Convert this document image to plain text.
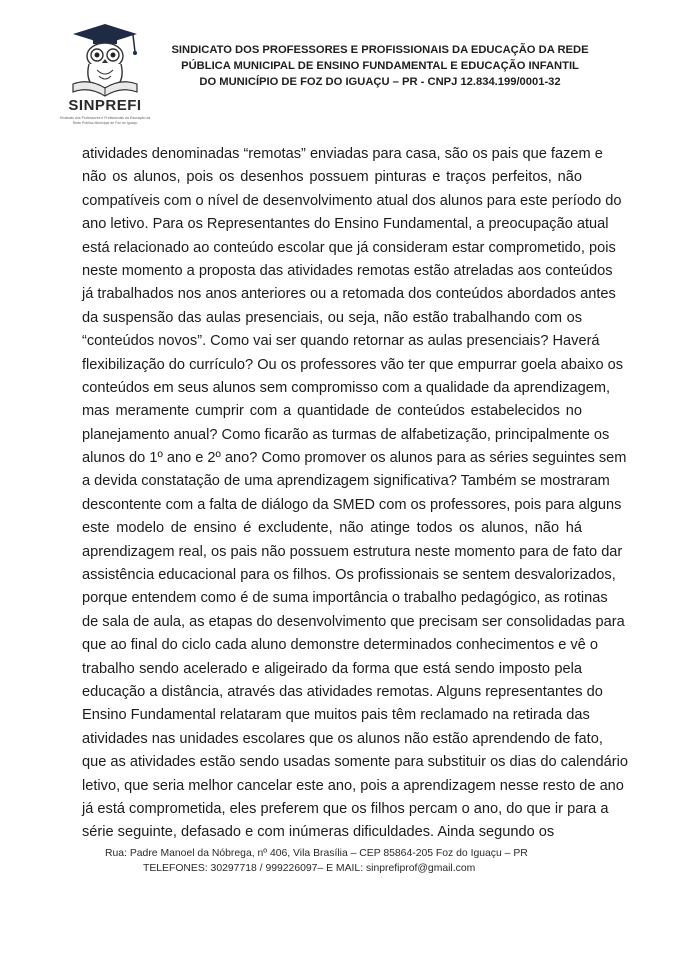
SINPREFI
Sindicato dos Professores e Profissionais da Educação da Rede Pública Municipal de Foz do Iguaçu
SINDICATO DOS PROFESSORES E PROFISSIONAIS DA EDUCAÇÃO DA REDE
PÚBLICA MUNICIPAL DE ENSINO FUNDAMENTAL E EDUCAÇÃO INFANTIL
DO MUNICÍPIO DE FOZ DO IGUAÇU – PR - CNPJ 12.834.199/0001-32
atividades denominadas “remotas” enviadas para casa, são os pais que fazem e
não os alunos, pois os desenhos possuem pinturas e traços perfeitos, não
compatíveis com o nível de desenvolvimento atual dos alunos para este período do
ano letivo. Para os Representantes do Ensino Fundamental, a preocupação atual
está relacionado ao conteúdo escolar que já consideram estar comprometido, pois
neste momento a proposta das atividades remotas estão atreladas aos conteúdos
já trabalhados nos anos anteriores ou a retomada dos conteúdos abordados antes
da suspensão das aulas presenciais, ou seja, não estão trabalhando com os
“conteúdos novos”. Como vai ser quando retornar as aulas presenciais? Haverá
flexibilização do currículo? Ou os professores vão ter que empurrar goela abaixo os
conteúdos em seus alunos sem compromisso com a qualidade da aprendizagem,
mas meramente cumprir com a quantidade de conteúdos estabelecidos no
planejamento anual? Como ficarão as turmas de alfabetização, principalmente os
alunos do 1º ano e 2º ano? Como promover os alunos para as séries seguintes sem
a devida constatação de uma aprendizagem significativa? Também se mostraram
descontente com a falta de diálogo da SMED com os professores, pois para alguns
este modelo de ensino é excludente, não atinge todos os alunos, não há
aprendizagem real, os pais não possuem estrutura neste momento para de fato dar
assistência educacional para os filhos. Os profissionais se sentem desvalorizados,
porque entendem como é de suma importância o trabalho pedagógico, as rotinas
de sala de aula, as etapas do desenvolvimento que precisam ser consolidadas para
que ao final do ciclo cada aluno demonstre determinados conhecimentos e vê o
trabalho sendo acelerado e aligeirado da forma que está sendo imposto pela
educação a distância, através das atividades remotas. Alguns representantes do
Ensino Fundamental relataram que muitos pais têm reclamado na retirada das
atividades nas unidades escolares que os alunos não estão aprendendo de fato,
que as atividades estão sendo usadas somente para substituir os dias do calendário
letivo, que seria melhor cancelar este ano, pois a aprendizagem nesse resto de ano
já está comprometida, eles preferem que os filhos percam o ano, do que ir para a
série seguinte, defasado e com inúmeras dificuldades. Ainda segundo os
Rua: Padre Manoel da Nóbrega, nº 406, Vila Brasília – CEP 85864-205 Foz do Iguaçu – PR
TELEFONES: 30297718 / 999226097– E MAIL: sinprefiprof@gmail.com
